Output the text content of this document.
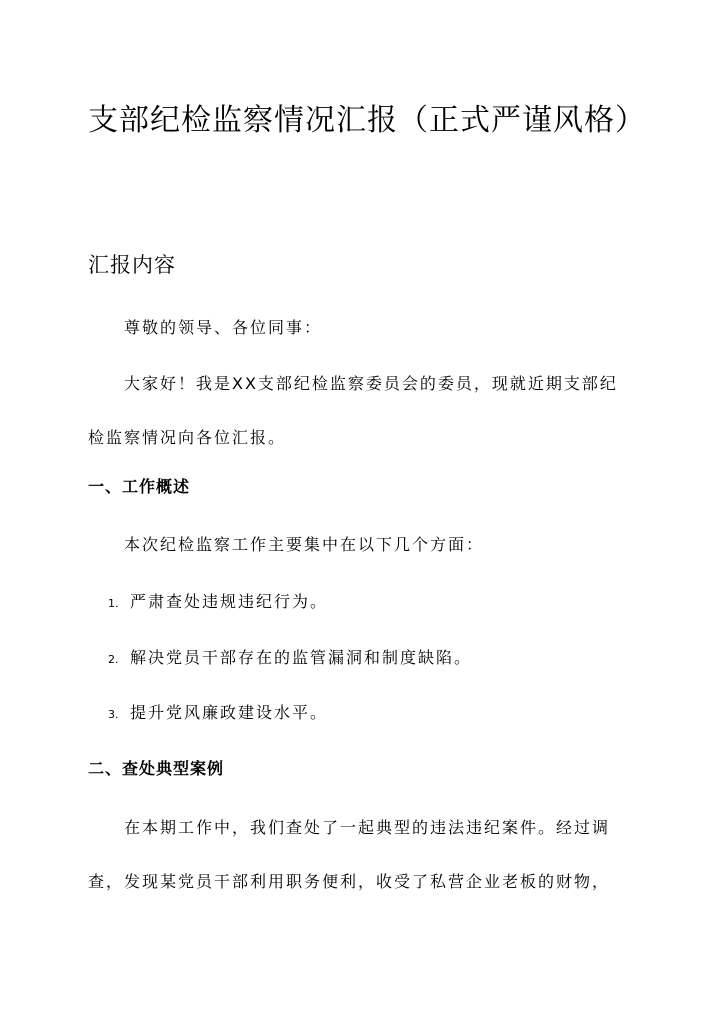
支部纪检监察情况汇报（正式严谨风格）
汇报内容

尊敬的领导、各位同事：

大家好！我是XX支部纪检监察委员会的委员，现就近期支部纪检监察情况向各位汇报。

一、工作概述

本次纪检监察工作主要集中在以下几个方面：

1. 严肃查处违规违纪行为。

2. 解决党员干部存在的监管漏洞和制度缺陷。

3. 提升党风廉政建设水平。

二、查处典型案例

在本期工作中，我们查处了一起典型的违法违纪案件。经过调查，发现某党员干部利用职务便利，收受了私营企业老板的财物，
